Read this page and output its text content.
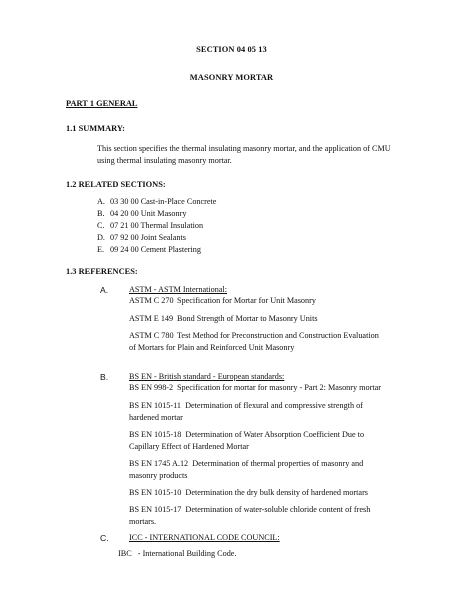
SECTION 04 05 13
MASONRY MORTAR
PART 1 GENERAL
1.1 SUMMARY:
This section specifies the thermal insulating masonry mortar, and the application of CMU
using thermal insulating masonry mortar.
1.2 RELATED SECTIONS:
A. 03 30 00 Cast-in-Place Concrete
B. 04 20 00 Unit Masonry
C. 07 21 00 Thermal Insulation
D. 07 92 00 Joint Sealants
E. 09 24 00 Cement Plastering
1.3 REFERENCES:
A.	ASTM - ASTM International:
ASTM C 270 Specification for Mortar for Unit Masonry
ASTM E 149 Bond Strength of Mortar to Masonry Units
ASTM C 780 Test Method for Preconstruction and Construction Evaluation
of Mortars for Plain and Reinforced Unit Masonry
B.	BS EN - British standard - European standards:
BS EN 998-2 Specification for mortar for masonry - Part 2: Masonry mortar
BS EN 1015-11 Determination of flexural and compressive strength of
hardened mortar
BS EN 1015-18 Determination of Water Absorption Coefficient Due to
Capillary Effect of Hardened Mortar
BS EN 1745 A.12 Determination of thermal properties of masonry and
masonry products
BS EN 1015-10 Determination the dry bulk density of hardened mortars
BS EN 1015-17 Determination of water-soluble chloride content of fresh
mortars.
C. ICC - INTERNATIONAL CODE COUNCIL:
IBC - International Building Code.
